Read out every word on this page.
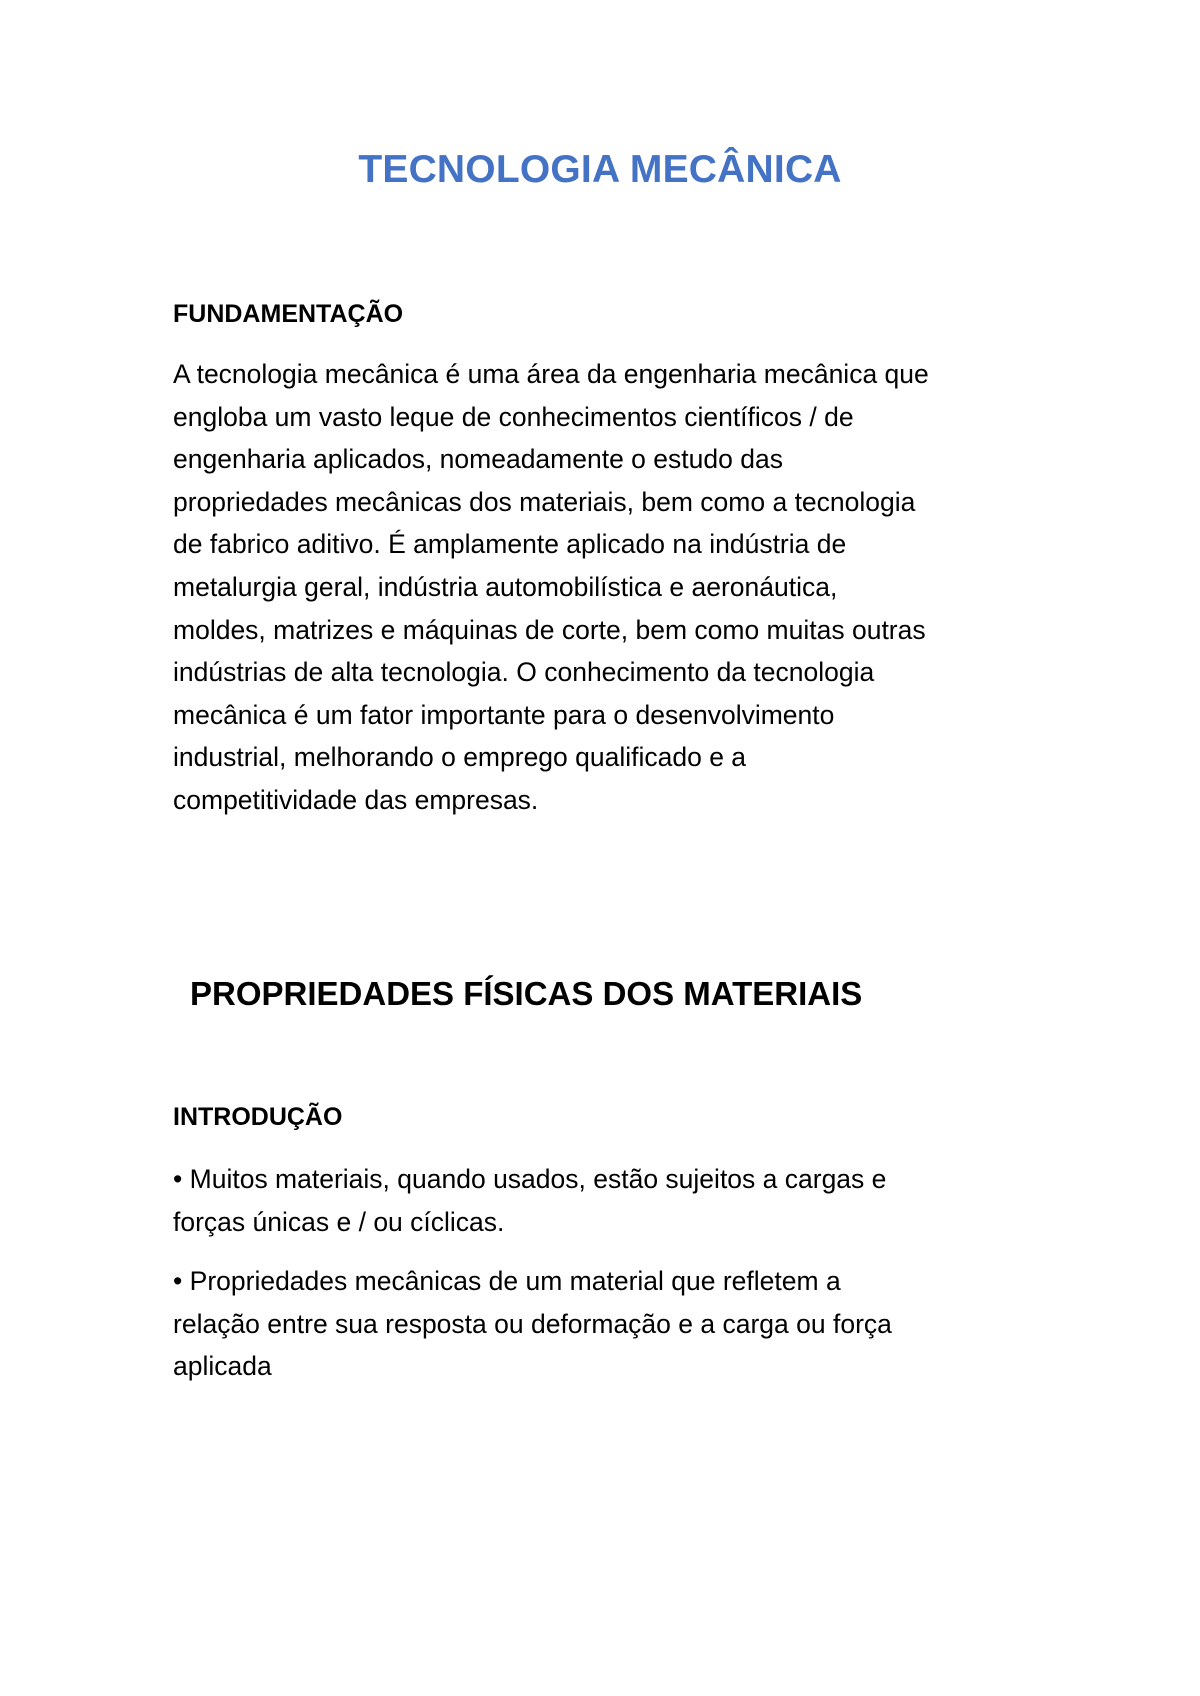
TECNOLOGIA MECÂNICA
FUNDAMENTAÇÃO

A tecnologia mecânica é uma área da engenharia mecânica que
engloba um vasto leque de conhecimentos científicos / de
engenharia aplicados, nomeadamente o estudo das
propriedades mecânicas dos materiais, bem como a tecnologia
de fabrico aditivo. É amplamente aplicado na indústria de
metalurgia geral, indústria automobilística e aeronáutica,
moldes, matrizes e máquinas de corte, bem como muitas outras
indústrias de alta tecnologia. O conhecimento da tecnologia
mecânica é um fator importante para o desenvolvimento
industrial, melhorando o emprego qualificado e a
competitividade das empresas.

PROPRIEDADES FÍSICAS DOS MATERIAIS
INTRODUÇÃO

• Muitos materiais, quando usados, estão sujeitos a cargas e
forças únicas e / ou cíclicas.

• Propriedades mecânicas de um material que refletem a
relação entre sua resposta ou deformação e a carga ou força
aplicada
